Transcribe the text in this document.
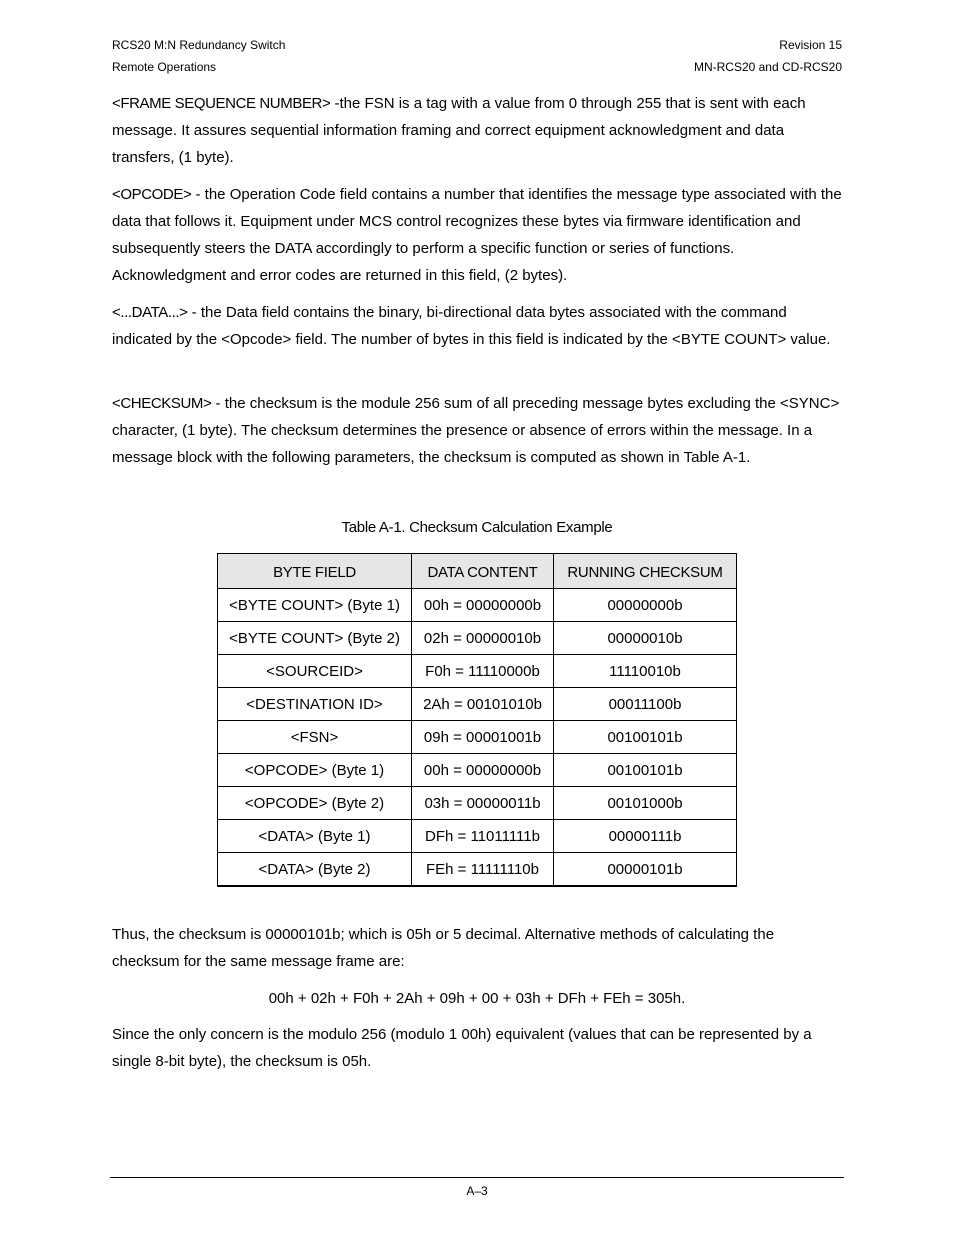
RCS20 M:N Redundancy Switch
Remote Operations
Revision 15
MN-RCS20 and CD-RCS20

<FRAME SEQUENCE NUMBER> -the FSN is a tag with a value from 0 through 255 that is sent with each message. It assures sequential information framing and correct equipment acknowledgment and data transfers, (1 byte).

<OPCODE> - the Operation Code field contains a number that identifies the message type associated with the data that follows it. Equipment under MCS control recognizes these bytes via firmware identification and subsequently steers the DATA accordingly to perform a specific function or series of functions. Acknowledgment and error codes are returned in this field, (2 bytes).

<...DATA...> - the Data field contains the binary, bi-directional data bytes associated with the command indicated by the <Opcode> field. The number of bytes in this field is indicated by the <BYTE COUNT> value.

<CHECKSUM> - the checksum is the module 256 sum of all preceding message bytes excluding the <SYNC> character, (1 byte). The checksum determines the presence or absence of errors within the message. In a message block with the following parameters, the checksum is computed as shown in Table A-1.

Table A-1. Checksum Calculation Example
BYTE FIELD	DATA CONTENT	RUNNING CHECKSUM
<BYTE COUNT> (Byte 1)	00h = 00000000b	00000000b
<BYTE COUNT> (Byte 2)	02h = 00000010b	00000010b
<SOURCEID>	F0h = 11110000b	11110010b
<DESTINATION ID>	2Ah = 00101010b	00011100b
<FSN>	09h = 00001001b	00100101b
<OPCODE> (Byte 1)	00h = 00000000b	00100101b
<OPCODE> (Byte 2)	03h = 00000011b	00101000b
<DATA> (Byte 1)	DFh = 11011111b	00000111b
<DATA> (Byte 2)	FEh = 11111110b	00000101b

Thus, the checksum is 00000101b; which is 05h or 5 decimal. Alternative methods of calculating the checksum for the same message frame are:

00h + 02h + F0h + 2Ah + 09h + 00 + 03h + DFh + FEh = 305h.

Since the only concern is the modulo 256 (modulo 1 00h) equivalent (values that can be represented by a single 8-bit byte), the checksum is 05h.

A–3
